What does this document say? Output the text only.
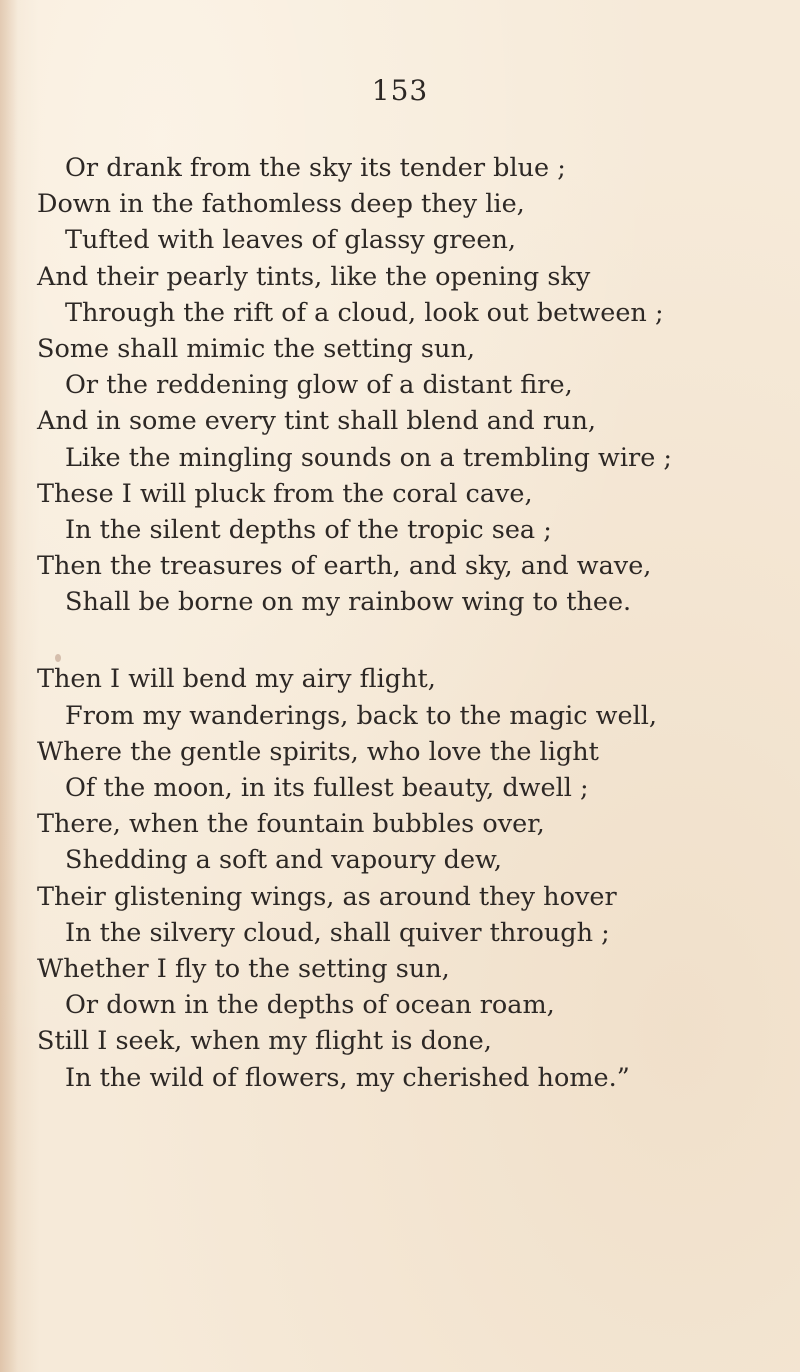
153
Or drank from the sky its tender blue ;
Down in the fathomless deep they lie,
Tufted with leaves of glassy green,
And their pearly tints, like the opening sky
Through the rift of a cloud, look out between ;
Some shall mimic the setting sun,
Or the reddening glow of a distant fire,
And in some every tint shall blend and run,
Like the mingling sounds on a trembling wire ;
These I will pluck from the coral cave,
In the silent depths of the tropic sea ;
Then the treasures of earth, and sky, and wave,
Shall be borne on my rainbow wing to thee.
Then I will bend my airy flight,
From my wanderings, back to the magic well,
Where the gentle spirits, who love the light
Of the moon, in its fullest beauty, dwell ;
There, when the fountain bubbles over,
Shedding a soft and vapoury dew,
Their glistening wings, as around they hover
In the silvery cloud, shall quiver through ;
Whether I fly to the setting sun,
Or down in the depths of ocean roam,
Still I seek, when my flight is done,
In the wild of flowers, my cherished home.”
